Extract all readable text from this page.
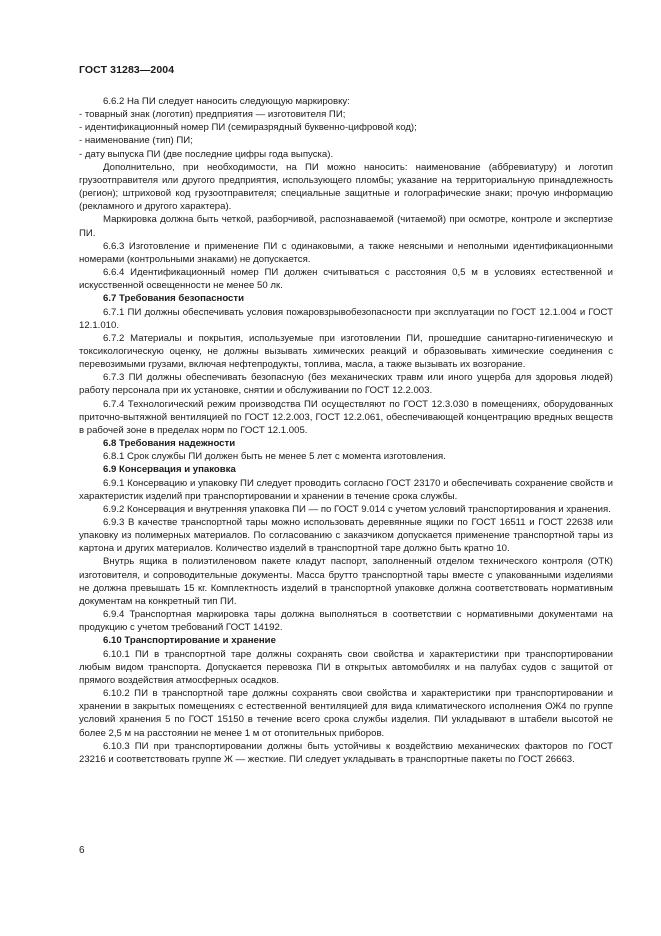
ГОСТ 31283—2004
6.6.2 На ПИ следует наносить следующую маркировку:
- товарный знак (логотип) предприятия — изготовителя ПИ;
- идентификационный номер ПИ (семиразрядный буквенно-цифровой код);
- наименование (тип) ПИ;
- дату выпуска ПИ (две последние цифры года выпуска).
Дополнительно, при необходимости, на ПИ можно наносить: наименование (аббревиатуру) и логотип грузоотправителя или другого предприятия, использующего пломбы; указание на территориальную принадлежность (регион); штриховой код грузоотправителя; специальные защитные и голографические знаки; прочую информацию (рекламного и другого характера).
Маркировка должна быть четкой, разборчивой, распознаваемой (читаемой) при осмотре, контроле и экспертизе ПИ.
6.6.3 Изготовление и применение ПИ с одинаковыми, а также неясными и неполными идентификационными номерами (контрольными знаками) не допускается.
6.6.4 Идентификационный номер ПИ должен считываться с расстояния 0,5 м в условиях естественной и искусственной освещенности не менее 50 лк.
6.7 Требования безопасности
6.7.1 ПИ должны обеспечивать условия пожаровзрывобезопасности при эксплуатации по ГОСТ 12.1.004 и ГОСТ 12.1.010.
6.7.2 Материалы и покрытия, используемые при изготовлении ПИ, прошедшие санитарно-гигиеническую и токсикологическую оценку, не должны вызывать химических реакций и образовывать химические соединения с перевозимыми грузами, включая нефтепродукты, топлива, масла, а также вызывать их возгорание.
6.7.3 ПИ должны обеспечивать безопасную (без механических травм или иного ущерба для здоровья людей) работу персонала при их установке, снятии и обслуживании по ГОСТ 12.2.003.
6.7.4 Технологический режим производства ПИ осуществляют по ГОСТ 12.3.030 в помещениях, оборудованных приточно-вытяжной вентиляцией по ГОСТ 12.2.003, ГОСТ 12.2.061, обеспечивающей концентрацию вредных веществ в рабочей зоне в пределах норм по ГОСТ 12.1.005.
6.8 Требования надежности
6.8.1 Срок службы ПИ должен быть не менее 5 лет с момента изготовления.
6.9 Консервация и упаковка
6.9.1 Консервацию и упаковку ПИ следует проводить согласно ГОСТ 23170 и обеспечивать сохранение свойств и характеристик изделий при транспортировании и хранении в течение срока службы.
6.9.2 Консервация и внутренняя упаковка ПИ — по ГОСТ 9.014 с учетом условий транспортирования и хранения.
6.9.3 В качестве транспортной тары можно использовать деревянные ящики по ГОСТ 16511 и ГОСТ 22638 или упаковку из полимерных материалов. По согласованию с заказчиком допускается применение транспортной тары из картона и других материалов. Количество изделий в транспортной таре должно быть кратно 10.
Внутрь ящика в полиэтиленовом пакете кладут паспорт, заполненный отделом технического контроля (ОТК) изготовителя, и сопроводительные документы. Масса брутто транспортной тары вместе с упакованными изделиями не должна превышать 15 кг. Комплектность изделий в транспортной упаковке должна соответствовать нормативным документам на конкретный тип ПИ.
6.9.4 Транспортная маркировка тары должна выполняться в соответствии с нормативными документами на продукцию с учетом требований ГОСТ 14192.
6.10 Транспортирование и хранение
6.10.1 ПИ в транспортной таре должны сохранять свои свойства и характеристики при транспортировании любым видом транспорта. Допускается перевозка ПИ в открытых автомобилях и на палубах судов с защитой от прямого воздействия атмосферных осадков.
6.10.2 ПИ в транспортной таре должны сохранять свои свойства и характеристики при транспортировании и хранении в закрытых помещениях с естественной вентиляцией для вида климатического исполнения ОЖ4 по группе условий хранения 5 по ГОСТ 15150 в течение всего срока службы изделия. ПИ укладывают в штабели высотой не более 2,5 м на расстоянии не менее 1 м от отопительных приборов.
6.10.3 ПИ при транспортировании должны быть устойчивы к воздействию механических факторов по ГОСТ 23216 и соответствовать группе Ж — жесткие. ПИ следует укладывать в транспортные пакеты по ГОСТ 26663.
6
